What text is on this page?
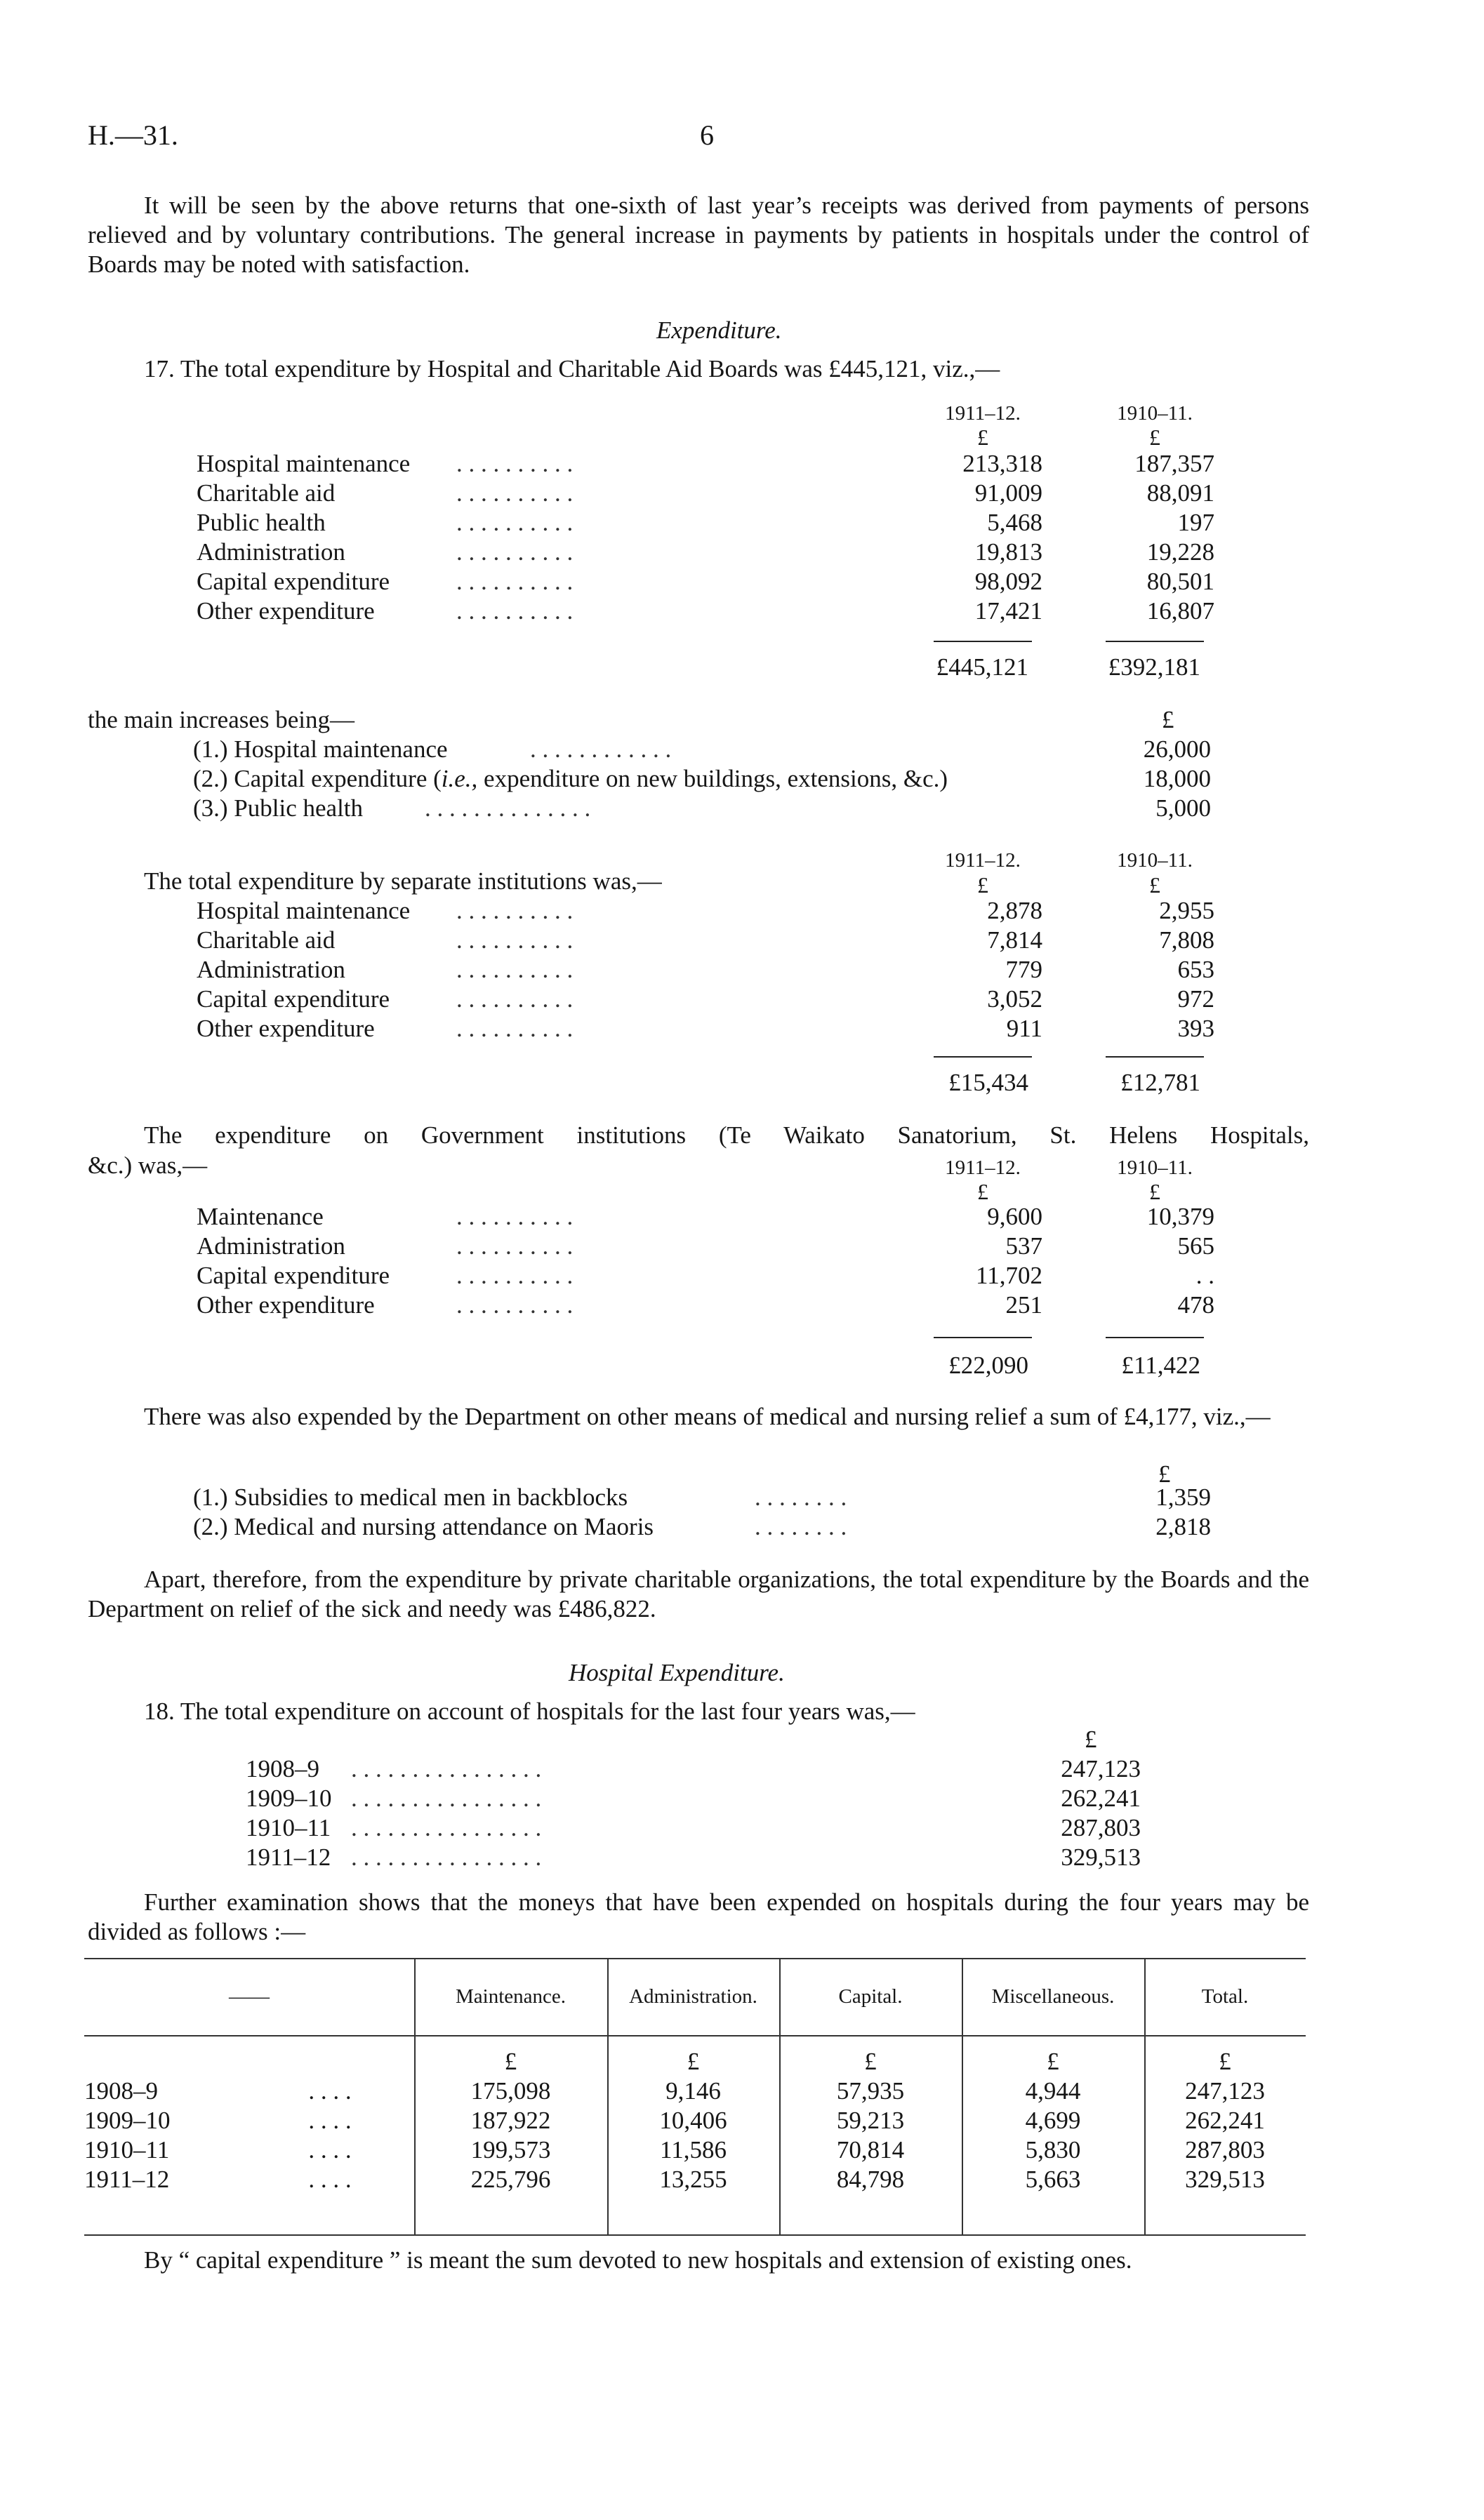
H.—31.	6
It will be seen by the above returns that one-sixth of last year’s receipts was derived from payments of persons relieved and by voluntary contributions. The general increase in payments by patients in hospitals under the control of Boards may be noted with satisfaction.
Expenditure.
17. The total expenditure by Hospital and Charitable Aid Boards was £445,121, viz.,—
1911–12.	1910–11.
£	£
Hospital maintenance . . . . . . . . . .	213,318	187,357
Charitable aid	. . . . . . . . . .	91,009	88,091
Public health	. . . . . . . . . .	5,468	197
Administration	. . . . . . . . . .	19,813	19,228
Capital expenditure	. . . . . . . . . .	98,092	80,501
Other expenditure	. . . . . . . . . .	17,421	16,807
£445,121	£392,181
the main increases being—	£
(1.) Hospital maintenance	. . . . . . . . . . . .	26,000
(2.) Capital expenditure (i.e., expenditure on new buildings, extensions, &c.)	18,000
(3.) Public health	. . . . . . . . . . . . . .	5,000
1911–12.	1910–11.
The total expenditure by separate institutions was,—	£	£
Hospital maintenance . . . . . . . . . .	2,878	2,955
Charitable aid	. . . . . . . . . .	7,814	7,808
Administration	. . . . . . . . . .	779	653
Capital expenditure	. . . . . . . . . .	3,052	972
Other expenditure	. . . . . . . . . .	911	393
£15,434	£12,781
The expenditure on Government institutions (Te Waikato Sanatorium, St. Helens Hospitals,
&c.) was,—	1911–12.	1910–11.
£	£
Maintenance	. . . . . . . . . .	9,600	10,379
Administration	. . . . . . . . . .	537	565
Capital expenditure	. . . . . . . . . .	11,702	. .
Other expenditure	. . . . . . . . . .	251	478
£22,090	£11,422
There was also expended by the Department on other means of medical and nursing relief a sum of £4,177, viz.,—
£
(1.) Subsidies to medical men in backblocks	. . . . . . . .	1,359
(2.) Medical and nursing attendance on Maoris	. . . . . . . .	2,818
Apart, therefore, from the expenditure by private charitable organizations, the total expenditure by the Boards and the Department on relief of the sick and needy was £486,822.
Hospital Expenditure.
18. The total expenditure on account of hospitals for the last four years was,—
£
1908–9 . . . . . . . . . . . . . . . .	247,123
1909–10 . . . . . . . . . . . . . . . .	262,241
1910–11 . . . . . . . . . . . . . . . .	287,803
1911–12 . . . . . . . . . . . . . . . .	329,513
Further examination shows that the moneys that have been expended on hospitals during the four years may be divided as follows :—
——	Maintenance.	Administration.	Capital.	Miscellaneous.	Total.
£	£	£	£	£
1908–9	. . . .	175,098	9,146	57,935	4,944	247,123
1909–10	. . . .	187,922	10,406	59,213	4,699	262,241
1910–11	. . . .	199,573	11,586	70,814	5,830	287,803
1911–12	. . . .	225,796	13,255	84,798	5,663	329,513
By “ capital expenditure ” is meant the sum devoted to new hospitals and extension of existing ones.
